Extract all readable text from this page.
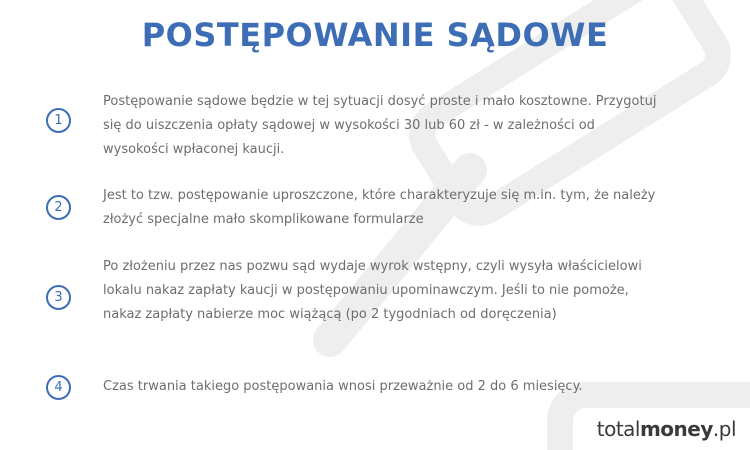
POSTĘPOWANIE SĄDOWE
1
Postępowanie sądowe będzie w tej sytuacji dosyć proste i mało kosztowne. Przygotuj się do uiszczenia opłaty sądowej w wysokości 30 lub 60 zł - w zależności od wysokości wpłaconej kaucji.
2
Jest to tzw. postępowanie uproszczone, które charakteryzuje się m.in. tym, że należy złożyć specjalne mało skomplikowane formularze
3
Po złożeniu przez nas pozwu sąd wydaje wyrok wstępny, czyli wysyła właścicielowi lokalu nakaz zapłaty kaucji w postępowaniu upominawczym. Jeśli to nie pomoże, nakaz zapłaty nabierze moc wiążącą (po 2 tygodniach od doręczenia)
4	Czas trwania takiego postępowania wnosi przeważnie od 2 do 6 miesięcy.
totalmoney.pl
